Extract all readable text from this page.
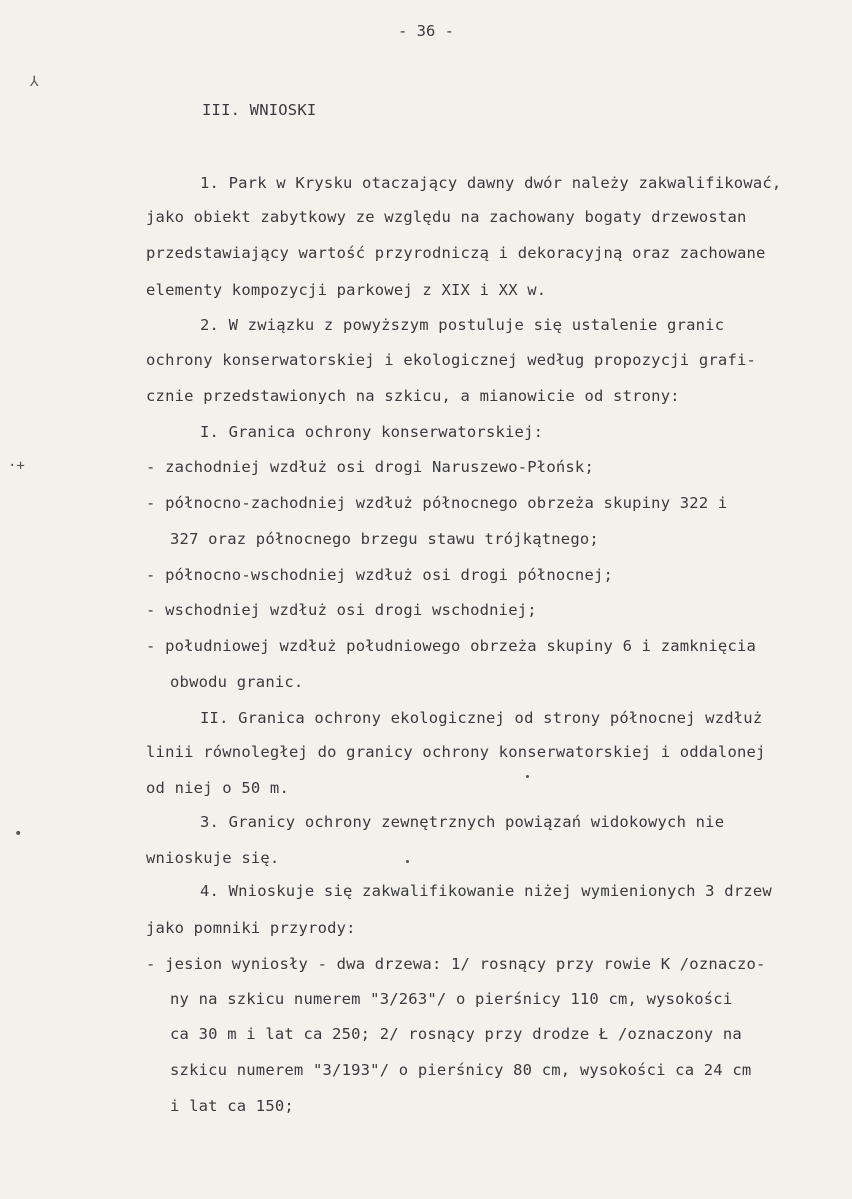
- 36 -
⅄
·+
•
III. WNIOSKI
1. Park w Krysku otaczający dawny dwór należy zakwalifikować,
jako obiekt zabytkowy ze względu na zachowany bogaty drzewostan
przedstawiający wartość przyrodniczą i dekoracyjną oraz zachowane
elementy kompozycji parkowej z XIX i XX w.
2. W związku z powyższym postuluje się ustalenie granic
ochrony konserwatorskiej i ekologicznej według propozycji grafi-
cznie przedstawionych na szkicu, a mianowicie od strony:
I. Granica ochrony konserwatorskiej:
- zachodniej wzdłuż osi drogi Naruszewo-Płońsk;
- północno-zachodniej wzdłuż północnego obrzeża skupiny 322 i
327 oraz północnego brzegu stawu trójkątnego;
- północno-wschodniej wzdłuż osi drogi północnej;
- wschodniej wzdłuż osi drogi wschodniej;
- południowej wzdłuż południowego obrzeża skupiny 6 i zamknięcia
obwodu granic.
II. Granica ochrony ekologicznej od strony północnej wzdłuż
linii równoległej do granicy ochrony konserwatorskiej i oddalonej
od niej o 50 m.
3. Granicy ochrony zewnętrznych powiązań widokowych nie
wnioskuje się.
4. Wnioskuje się zakwalifikowanie niżej wymienionych 3 drzew
jako pomniki przyrody:
- jesion wyniosły - dwa drzewa: 1/ rosnący przy rowie K /oznaczo-
ny na szkicu numerem "3/263"/ o pierśnicy 110 cm, wysokości
ca 30 m i lat ca 250; 2/ rosnący przy drodze Ł /oznaczony na
szkicu numerem "3/193"/ o pierśnicy 80 cm, wysokości ca 24 cm
i lat ca 150;
